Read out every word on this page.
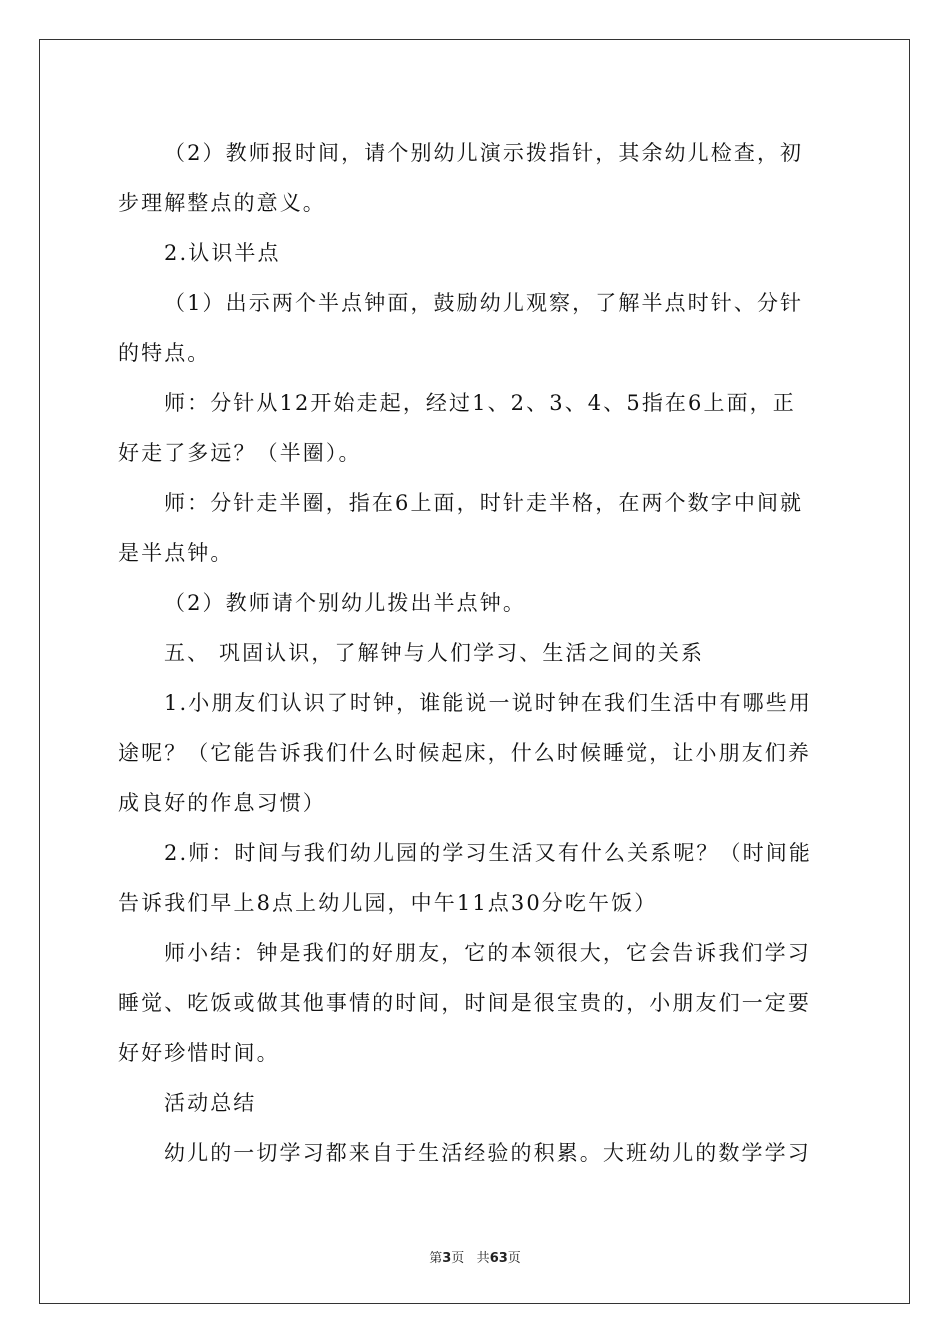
（2）教师报时间，请个别幼儿演示拨指针，其余幼儿检查，初
步理解整点的意义。
2.认识半点
（1）出示两个半点钟面，鼓励幼儿观察，了解半点时针、分针
的特点。
师：分针从12开始走起，经过1、2、3、4、5指在6上面，正
好走了多远？（半圈）。
师：分针走半圈，指在6上面，时针走半格，在两个数字中间就
是半点钟。
（2）教师请个别幼儿拨出半点钟。
五、 巩固认识，了解钟与人们学习、生活之间的关系
1.小朋友们认识了时钟，谁能说一说时钟在我们生活中有哪些用
途呢？（它能告诉我们什么时候起床，什么时候睡觉，让小朋友们养
成良好的作息习惯）
2.师：时间与我们幼儿园的学习生活又有什么关系呢？（时间能
告诉我们早上8点上幼儿园，中午11点30分吃午饭）
师小结：钟是我们的好朋友，它的本领很大，它会告诉我们学习
睡觉、吃饭或做其他事情的时间，时间是很宝贵的，小朋友们一定要
好好珍惜时间。
活动总结
幼儿的一切学习都来自于生活经验的积累。大班幼儿的数学学习
第3页 共63页
